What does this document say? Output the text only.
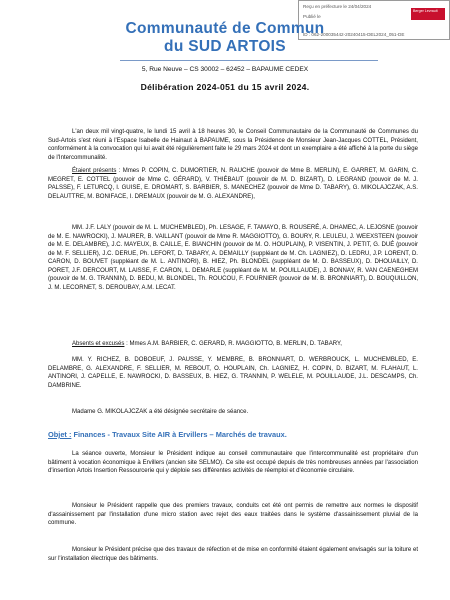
Reçu en préfecture le 24/04/2024
Publié le
ID : 062-200035442-20240415-DEL2024_051-DE
Berger Levrault
Communauté de Commun
du SUD ARTOIS
5, Rue Neuve – CS 30002 – 62452 – BAPAUME CEDEX
Délibération 2024-051 du 15 avril 2024.

L'an deux mil vingt-quatre, le lundi 15 avril à 18 heures 30, le Conseil Communautaire de la Communauté de Communes du Sud-Artois s'est réuni à l'Espace Isabelle de Hainaut à BAPAUME, sous la Présidence de Monsieur Jean-Jacques COTTEL, Président, conformément à la convocation qui lui avait été régulièrement faite le 29 mars 2024 et dont un exemplaire a été affiché à la porte du siège de l'Intercommunalité.

Étaient présents : Mmes P. COPIN, C. DUMORTIER, N. RAUCHE (pouvoir de Mme B. MERLIN), E. GARRET, M. GARIN, C. MEGRET, E. COTTEL (pouvoir de Mme C. GÉRARD), V. THIÉBAUT (pouvoir de M. D. BIZART), D. LEGRAND (pouvoir de M. J. PALSSE), F. LETURCQ, I. GUISE, E. DROMART, S. BARBIER, S. MANECHEZ (pouvoir de Mme D. TABARY), G. MIKOLAJCZAK, A.S. DELAUTTRE, M. BONIFACE, I. DREMAUX (pouvoir de M. G. ALEXANDRE),

MM. J.F. LALY (pouvoir de M. L. MUCHEMBLED), Ph. LESAGE, F. TAMAYO, B. ROUSERÉ, A. DHAMEC, A. LEJOSNE (pouvoir de M. E. NAWROCKI), J. MAURER, B. VAILLANT (pouvoir de Mme R. MAGGIOTTO), G. BOURY, R. LEULEU, J. WEEXSTEEN (pouvoir de M. E. DELAMBRE), J.C. MAYEUX, B. CAILLE, E. BIANCHIN (pouvoir de M. O. HOUPLAIN), P. VISENTIN, J. PETIT, G. DUÉ (pouvoir de M. F. SELLIER), J.C. DERUE, Ph. LEFORT, D. TABARY, A. DEMAILLY (suppléant de M. Ch. LAGNIEZ), D. LEDRU, J.P. LORENT, D. CARON, D. BOUVET (suppléant de M. L. ANTINORI), B. HIEZ, Ph. BLONDEL (suppléant de M. D. BASSEUX), D. DHOUAILLY, D. PORET, J.F. DERCOURT, M. LAISSE, F. CARON, L. DEMARLE (suppléant de M. M. POUILLAUDE), J. BONNAY, R. VAN CAENEGHEM (pouvoir de M. G. TRANNIN), D. BEDU, M. BLONDEL, Th. ROUCOU, F. FOURNIER (pouvoir de M. B. BRONNIART), D. BOUQUILLON, J. M. LECORNET, S. DEROUBAY, A.M. LECAT.

Absents et excusés : Mmes A.M. BARBIER, C. GERARD, R. MAGGIOTTO, B. MERLIN, D. TABARY,

MM. Y. RICHEZ, B. DOBOEUF, J. PAUSSE, Y. MEMBRE, B. BRONNIART, D. WERBROUCK, L. MUCHEMBLED, E. DELAMBRE, G. ALEXANDRE, F. SELLIER, M. REBOUT, O. HOUPLAIN, Ch. LAGNIEZ, H. COPIN, D. BIZART, M. FLAHAUT, L. ANTINORI, J. CAPELLE, E. NAWROCKI, D. BASSEUX, B. HIEZ, G. TRANNIN, P. WELELE, M. POUILLAUDE, J.L. DESCAMPS, Ch. DAMBRINE.

Madame G. MIKOLAJCZAK a été désignée secrétaire de séance.

Objet : Finances - Travaux Site AIR à Ervillers – Marchés de travaux.

La séance ouverte, Monsieur le Président indique au conseil communautaire que l'intercommunalité est propriétaire d'un bâtiment à vocation économique à Ervillers (ancien site SELMO). Ce site est occupé depuis de très nombreuses années par l'association d'insertion Artois Insertion Ressourcerie qui y déploie ses différentes activités de réemploi et d'économie circulaire.

Monsieur le Président rappelle que des premiers travaux, conduits cet été ont permis de remettre aux normes le dispositif d'assainissement par l'installation d'une micro station avec rejet des eaux traitées dans le système d'assainissement pluvial de la commune.

Monsieur le Président précise que des travaux de réfection et de mise en conformité étaient également envisagés sur la toiture et sur l'installation électrique des bâtiments.
